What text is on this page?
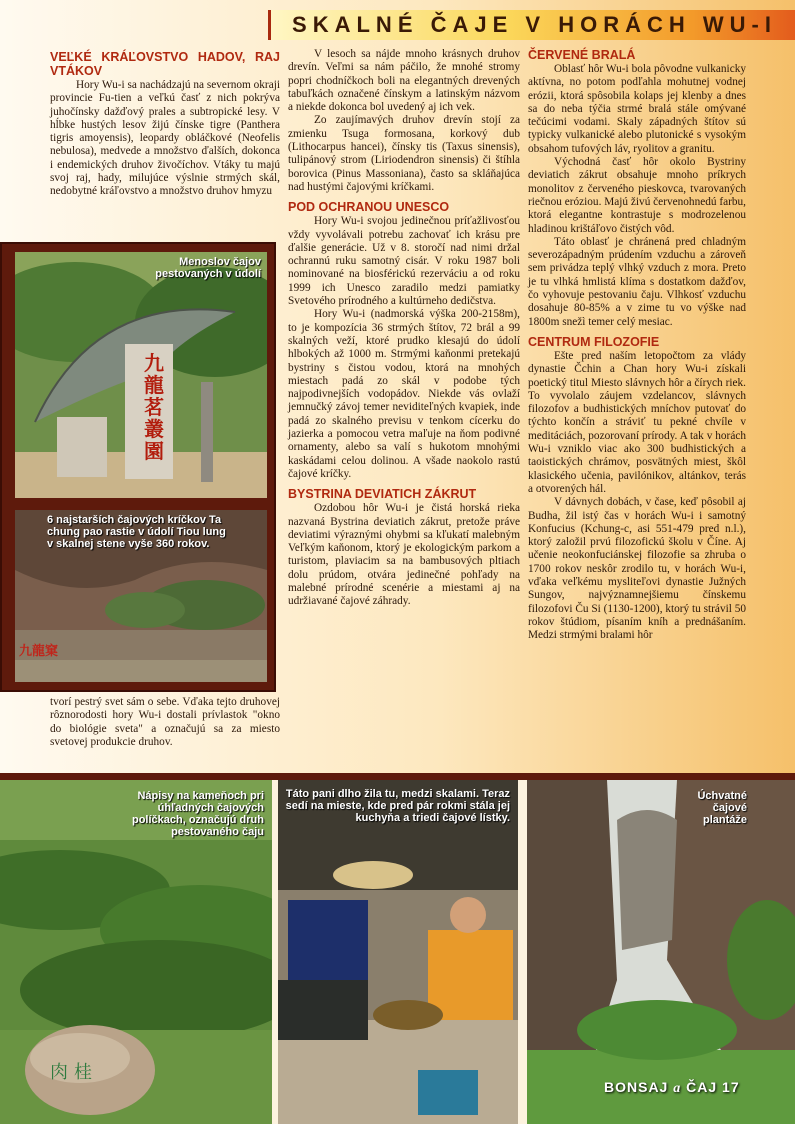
SKALNÉ ČAJE V HORÁCH WU-I
VEĽKÉ KRÁĽOVSTVO HADOV, RAJ VTÁKOV

Hory Wu-i sa nachádzajú na severnom okraji provincie Fu-tien a veľkú časť z nich pokrýva juhočínsky dažďový prales a subtropické lesy. V hĺbke hustých lesov žijú čínske tigre (Panthera tigris amoyensis), leopardy obláčkové (Neofelis nebulosa), medvede a množstvo ďalších, dokonca i endemických druhov živočíchov. Vtáky tu majú svoj raj, hady, milujúce výslnie strmých skál, nedobytné kráľovstvo a množstvo druhov hmyzu

tvorí pestrý svet sám o sebe. Vďaka tejto druhovej rôznorodosti hory Wu-i dostali prívlastok "okno do biológie sveta" a označujú sa za miesto svetovej produkcie druhov.

V lesoch sa nájde mnoho krásnych druhov drevín. Veľmi sa nám páčilo, že mnohé stromy popri chodníčkoch boli na elegantných drevených tabuľkách označené čínskym a latinským názvom a niekde dokonca bol uvedený aj ich vek.

Zo zaujímavých druhov drevín stojí za zmienku Tsuga formosana, korkový dub (Lithocarpus hancei), čínsky tis (Taxus sinensis), tulipánový strom (Liriodendron sinensis) či štíhla borovica (Pinus Massoniana), často sa skláňajúca nad hustými čajovými kríčkami.

POD OCHRANOU UNESCO

Hory Wu-i svojou jedinečnou príťažlivosťou vždy vyvolávali potrebu zachovať ich krásu pre ďalšie generácie. Už v 8. storočí nad nimi držal ochrannú ruku samotný cisár. V roku 1987 boli nominované na biosférickú rezerváciu a od roku 1999 ich Unesco zaradilo medzi pamiatky Svetového prírodného a kultúrneho dedičstva.

Hory Wu-i (nadmorská výška 200-2158m), to je kompozícia 36 strmých štítov, 72 brál a 99 skalných veží, ktoré prudko klesajú do údolí hlbokých až 1000 m. Strmými kaňonmi pretekajú bystriny s čistou vodou, ktorá na mnohých miestach padá zo skál v podobe tých najpodivnejších vodopádov. Niekde vás ovlaží jemnučký závoj temer neviditeľných kvapiek, inde padá zo skalného previsu v tenkom cícerku do jazierka a pomocou vetra maľuje na ňom podivné ornamenty, alebo sa valí s hukotom mnohými kaskádami celou dolinou. A všade naokolo rastú čajové kríčky.

BYSTRINA DEVIATICH ZÁKRUT

Ozdobou hôr Wu-i je čistá horská rieka nazvaná Bystrina deviatich zákrut, pretože práve deviatimi výraznými ohybmi sa kľukatí malebným Veľkým kaňonom, ktorý je ekologickým parkom a turistom, plaviacim sa na bambusových pltiach dolu prúdom, otvára jedinečné pohľady na malebné prírodné scenérie a miestami aj na udržiavané čajové záhrady.

ČERVENÉ BRALÁ

Oblasť hôr Wu-i bola pôvodne vulkanicky aktívna, no potom podľahla mohutnej vodnej erózii, ktorá spôsobila kolaps jej klenby a dnes sa do neba týčia strmé bralá stále omývané tečúcimi vodami. Skaly západných štítov sú typicky vulkanické alebo plutonické s vysokým obsahom tufových láv, ryolitov a granitu.

Východná časť hôr okolo Bystriny deviatich zákrut obsahuje mnoho príkrych monolitov z červeného pieskovca, tvarovaných riečnou eróziou. Majú živú červenohnedú farbu, ktorá elegantne kontrastuje s modrozelenou hladinou krištáľovo čistých vôd.

Táto oblasť je chránená pred chladným severozápadným prúdením vzduchu a zároveň sem privádza teplý vlhký vzduch z mora. Preto je tu vlhká hmlistá klíma s dostatkom dažďov, čo vyhovuje pestovaniu čaju. Vlhkosť vzduchu dosahuje 80-85% a v zime tu vo výške nad 1800m snežì temer celý mesiac.

CENTRUM FILOZOFIE

Ešte pred naším letopočtom za vlády dynastie Čchin a Chan hory Wu-i získali poetický titul Miesto slávnych hôr a čírych riek. To vyvolalo záujem vzdelancov, slávnych filozofov a budhistických mníchov putovať do týchto končín a stráviť tu pekné chvíle v meditáciách, pozorovaní prírody. A tak v horách Wu-i vzniklo viac ako 300 budhistických a taoistických chrámov, posvätných miest, škôl klasického učenia, pavilónikov, altánkov, terás a otvorených hál.

V dávnych dobách, v čase, keď pôsobil aj Budha, žil istý čas v horách Wu-i i samotný Konfucius (Kchung-c, asi 551-479 pred n.l.), ktorý založil prvú filozofickú školu v Číne. Aj učenie neokonfuciánskej filozofie sa zhruba o 1700 rokov neskôr zrodilo tu, v horách Wu-i, vďaka veľkému mysliteľovi dynastie Južných Sungov, najvýznamnejšiemu čínskemu filozofovi Ču Si (1130-1200), ktorý tu strávil 50 rokov štúdiom, písaním kníh a prednášaním. Medzi strmými bralami hôr

九龍茗叢園
Menoslov čajov pestovaných v údolí
九龍窠
6 najstarších čajových kríčkov Ta chung pao rastie v údolí Tiou lung v skalnej stene vyše 360 rokov.
肉桂
Nápisy na kameňoch pri úhľadných čajových políčkach, označujú druh pestovaného čaju
Táto pani dlho žila tu, medzi skalami. Teraz sedí na mieste, kde pred pár rokmi stála jej kuchyňa a triedi čajové lístky.
Úchvatné čajové plantáže
BONSAJ a ČAJ 17
